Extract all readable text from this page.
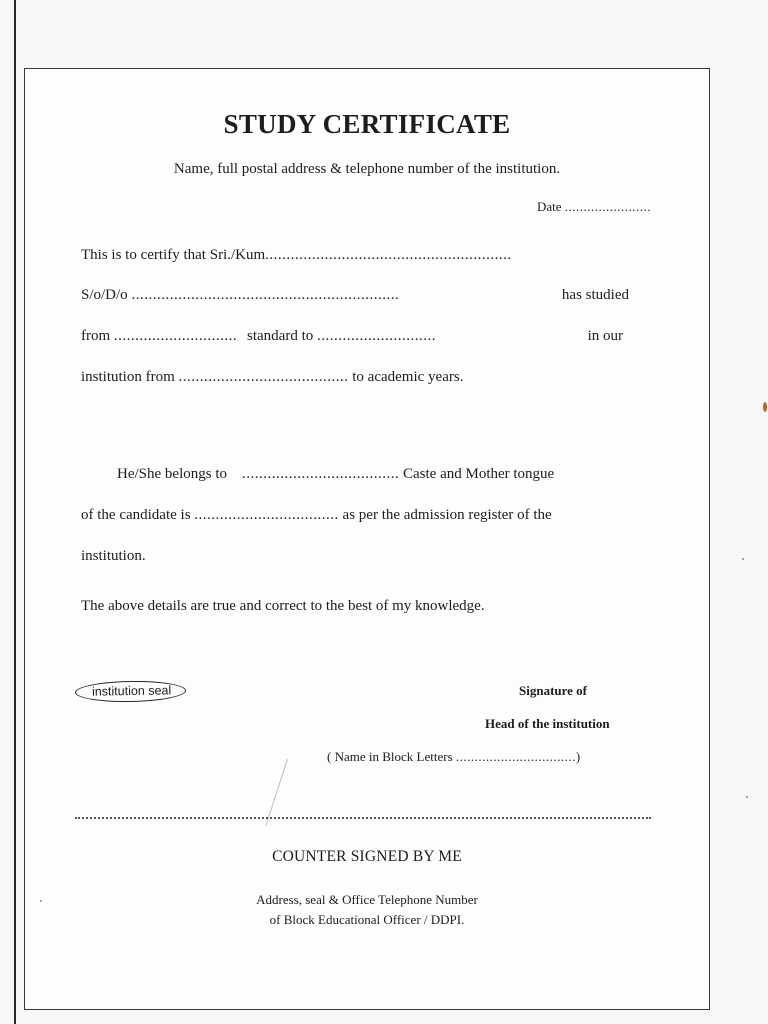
STUDY CERTIFICATE
Name, full postal address & telephone number of the institution.
Date .......................
This is to certify that Sri./Kum..........................................................
S/o/D/o ...............................................................	has studied
from ............................. standard to ............................	in our
institution from ........................................ to academic years.
He/She belongs to ..................................... Caste and Mother tongue
of the candidate is .................................. as per the admission register of the
institution.
The above details are true and correct to the best of my knowledge.
institution seal	Signature of
Head of the institution
( Name in Block Letters ................................)
COUNTER SIGNED BY ME
Address, seal & Office Telephone Number
of Block Educational Officer / DDPI.
